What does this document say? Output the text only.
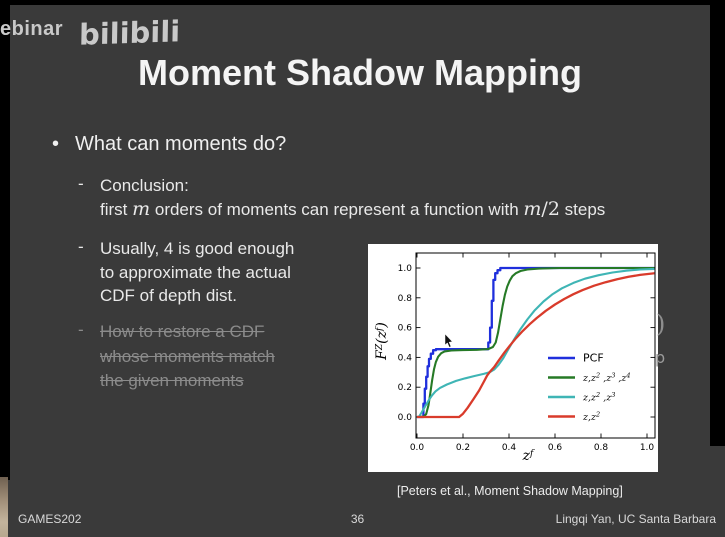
ebinar bilibili
Moment Shadow Mapping
• What can moments do?
- Conclusion:
first m orders of moments can represent a function with m/2 steps
- Usually, 4 is good enough
to approximate the actual
CDF of depth dist.
- How to restore a CDF
whose moments match
the given moments
0.0	0.2	0.4	0.6	0.8	1.0
0.0
0.2
0.4
0.6
0.8
1.0
PCF
$z,z^2$ $,z^3$ $,z^4$
$z,z^2$ $,z^3$
$z,z^2$
$F^Z(z^f)$
$z^f$
)
p
[Peters et al., Moment Shadow Mapping]
GAMES202	36	Lingqi Yan, UC Santa Barbara
